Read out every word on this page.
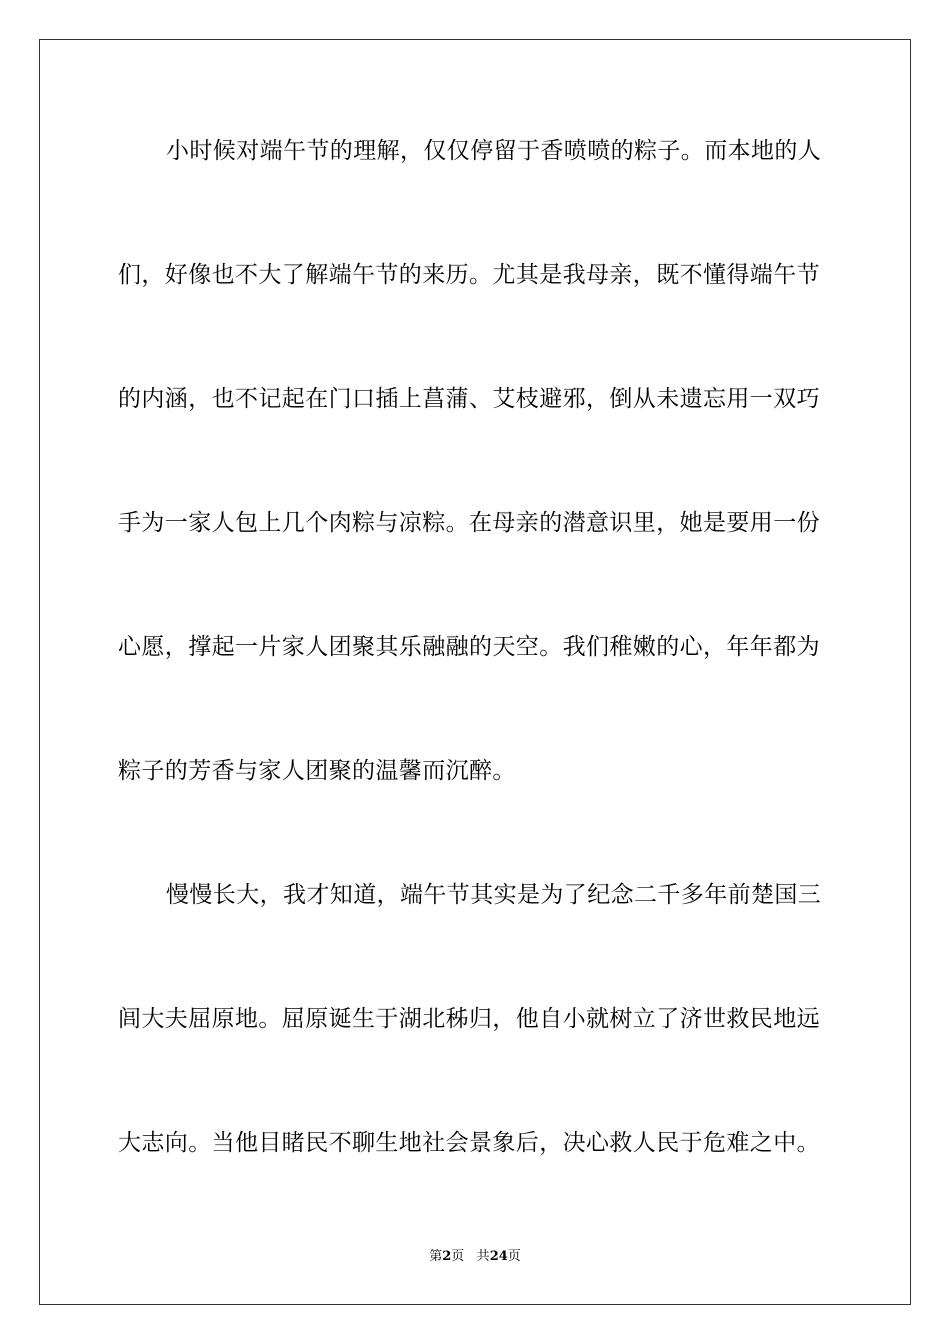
小时候对端午节的理解，仅仅停留于香喷喷的粽子。而本地的人
们，好像也不大了解端午节的来历。尤其是我母亲，既不懂得端午节
的内涵，也不记起在门口插上菖蒲、艾枝避邪，倒从未遗忘用一双巧
手为一家人包上几个肉粽与凉粽。在母亲的潜意识里，她是要用一份
心愿，撑起一片家人团聚其乐融融的天空。我们稚嫩的心，年年都为
粽子的芳香与家人团聚的温馨而沉醉。
慢慢长大，我才知道，端午节其实是为了纪念二千多年前楚国三
闾大夫屈原地。屈原诞生于湖北秭归，他自小就树立了济世救民地远
大志向。当他目睹民不聊生地社会景象后，决心救人民于危难之中。
第2页 共24页
